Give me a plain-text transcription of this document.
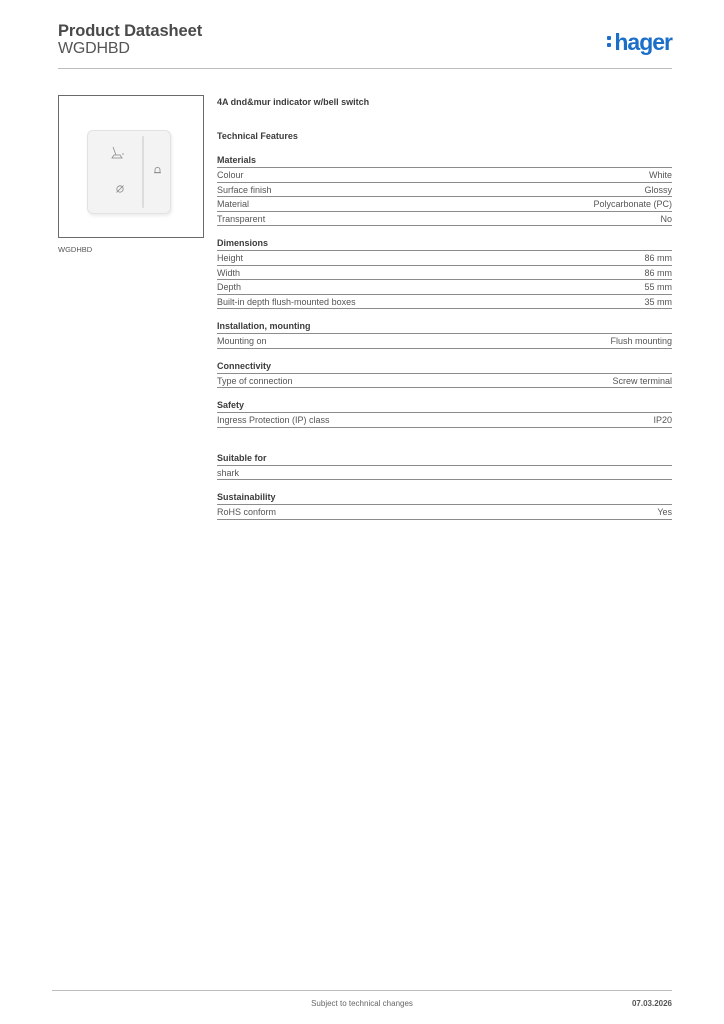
Product Datasheet
WGDHBD	hager
WGDHBD
4A dnd&mur indicator w/bell switch
Technical Features
Materials
Colour	White
Surface finish	Glossy
Material	Polycarbonate (PC)
Transparent	No
Dimensions
Height	86 mm
Width	86 mm
Depth	55 mm
Built-in depth flush-mounted boxes	35 mm
Installation, mounting
Mounting on	Flush mounting
Connectivity
Type of connection	Screw terminal
Safety
Ingress Protection (IP) class	IP20
Suitable for
shark
Sustainability
RoHS conform	Yes
Subject to technical changes	07.03.2026
